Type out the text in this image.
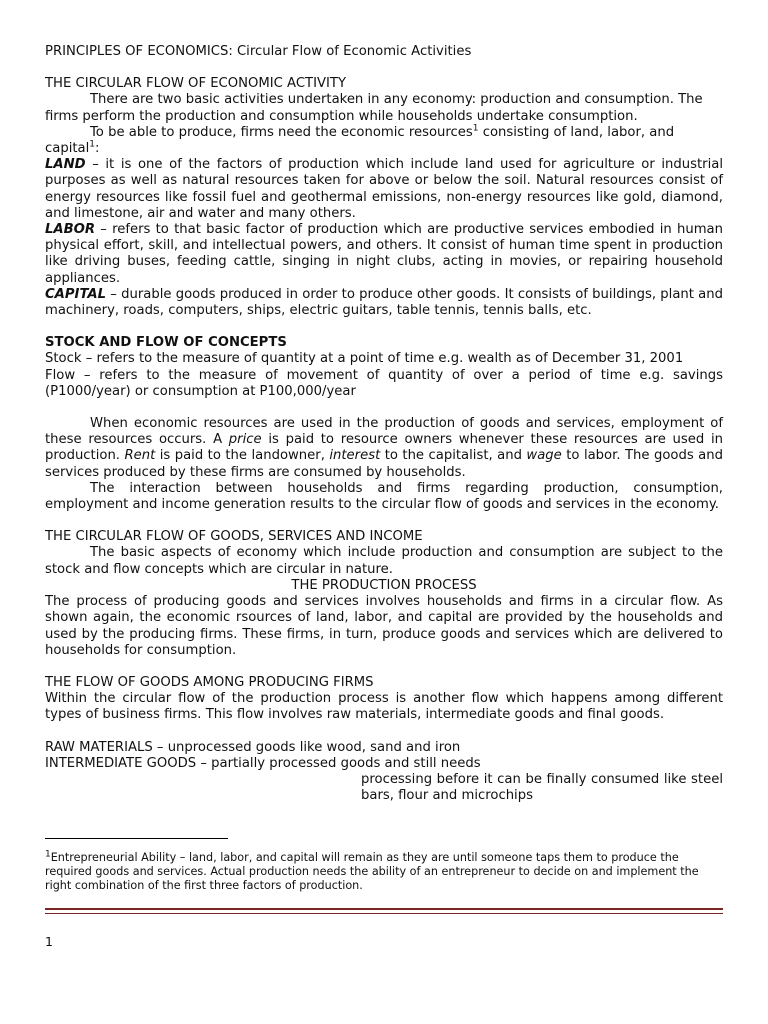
PRINCIPLES OF ECONOMICS: Circular Flow of Economic Activities

THE CIRCULAR FLOW OF ECONOMIC ACTIVITY

There are two basic activities undertaken in any economy: production and consumption. The firms perform the production and consumption while households undertake consumption.

To be able to produce, firms need the economic resources$^1$ consisting of land, labor, and capital$^1$:

LAND – it is one of the factors of production which include land used for agriculture or industrial purposes as well as natural resources taken for above or below the soil. Natural resources consist of energy resources like fossil fuel and geothermal emissions, non-energy resources like gold, diamond, and limestone, air and water and many others.

LABOR – refers to that basic factor of production which are productive services embodied in human physical effort, skill, and intellectual powers, and others. It consist of human time spent in production like driving buses, feeding cattle, singing in night clubs, acting in movies, or repairing household appliances.

CAPITAL – durable goods produced in order to produce other goods. It consists of buildings, plant and machinery, roads, computers, ships, electric guitars, table tennis, tennis balls, etc.

STOCK AND FLOW OF CONCEPTS

Stock – refers to the measure of quantity at a point of time e.g. wealth as of December 31, 2001

Flow – refers to the measure of movement of quantity of over a period of time e.g. savings (P1000/year) or consumption at P100,000/year

When economic resources are used in the production of goods and services, employment of these resources occurs. A price is paid to resource owners whenever these resources are used in production. Rent is paid to the landowner, interest to the capitalist, and wage to labor. The goods and services produced by these firms are consumed by households.

The interaction between households and firms regarding production, consumption, employment and income generation results to the circular flow of goods and services in the economy.

THE CIRCULAR FLOW OF GOODS, SERVICES AND INCOME

The basic aspects of economy which include production and consumption are subject to the stock and flow concepts which are circular in nature.

THE PRODUCTION PROCESS

The process of producing goods and services involves households and firms in a circular flow. As shown again, the economic rsources of land, labor, and capital are provided by the households and used by the producing firms. These firms, in turn, produce goods and services which are delivered to households for consumption.

THE FLOW OF GOODS AMONG PRODUCING FIRMS

Within the circular flow of the production process is another flow which happens among different types of business firms. This flow involves raw materials, intermediate goods and final goods.

RAW MATERIALS – unprocessed goods like wood, sand and iron

INTERMEDIATE GOODS – partially processed goods and still needs

processing before it can be finally consumed like steel bars, flour and microchips

$^1$Entrepreneurial Ability – land, labor, and capital will remain as they are until someone taps them to produce the required goods and services. Actual production needs the ability of an entrepreneur to decide on and implement the right combination of the first three factors of production.

1
